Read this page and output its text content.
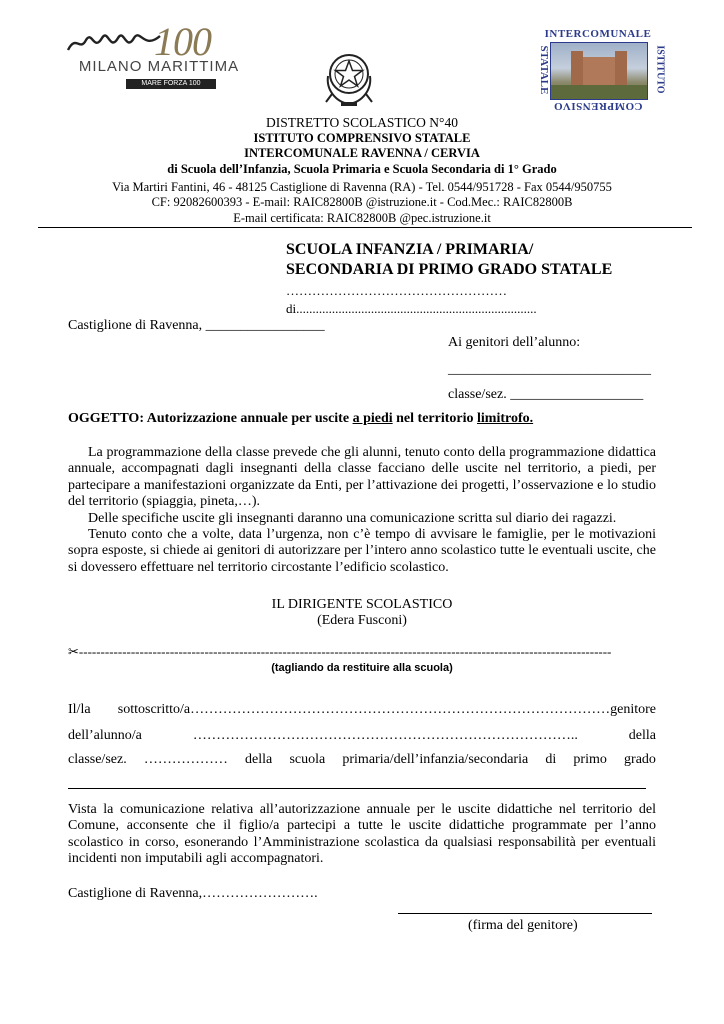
100
MILANO MARITTIMA
MARE FORZA 100
INTERCOMUNALE
ISTITUTO
COMPRENSIVO
STATALE
DISTRETTO SCOLASTICO N°40
ISTITUTO COMPRENSIVO STATALE
INTERCOMUNALE RAVENNA / CERVIA
di Scuola dell’Infanzia, Scuola Primaria e Scuola Secondaria di 1° Grado
Via Martiri Fantini, 46 - 48125 Castiglione di Ravenna (RA) - Tel. 0544/951728 - Fax 0544/950755
CF: 92082600393 - E-mail: RAIC82800B @istruzione.it - Cod.Mec.: RAIC82800B
E-mail certificata: RAIC82800B @pec.istruzione.it
SCUOLA INFANZIA / PRIMARIA/
SECONDARIA DI PRIMO GRADO STATALE
……………………………………………
di..........................................................................
Castiglione di Ravenna, _________________
Ai genitori dell’alunno:
_____________________________
classe/sez. ___________________
OGGETTO: Autorizzazione annuale per uscite a piedi nel territorio limitrofo.
La programmazione della classe prevede che gli alunni, tenuto conto della programmazione didattica annuale, accompagnati dagli insegnanti della classe facciano delle uscite nel territorio, a piedi, per partecipare a manifestazioni organizzate da Enti, per l’attivazione dei progetti, l’osservazione e lo studio del territorio (spiaggia, pineta,…).
Delle specifiche uscite gli insegnanti daranno una comunicazione scritta sul diario dei ragazzi.
Tenuto conto che a volte, data l’urgenza, non c’è tempo di avvisare le famiglie, per le motivazioni sopra esposte, si chiede ai genitori di autorizzare per l’intero anno scolastico tutte le eventuali uscite, che si dovessero effettuare nel territorio circostante l’edificio scolastico.
IL DIRIGENTE SCOLASTICO
(Edera Fusconi)
✂---------------------------------------------------------------------------------------------------------------------------
(tagliando da restituire alla scuola)
Il/la sottoscritto/a………………………………………………………………………………genitore
dell’alunno/a	………………………………………………………………………..	della
classe/sez. ……………… della scuola primaria/dell’infanzia/secondaria di primo grado
Vista la comunicazione relativa all’autorizzazione annuale per le uscite didattiche nel territorio del Comune, acconsente che il figlio/a partecipi a tutte le uscite didattiche programmate per l’anno scolastico in corso, esonerando l’Amministrazione scolastica da qualsiasi responsabilità per eventuali incidenti non imputabili agli accompagnatori.
Castiglione di Ravenna,…………………….
(firma del genitore)
